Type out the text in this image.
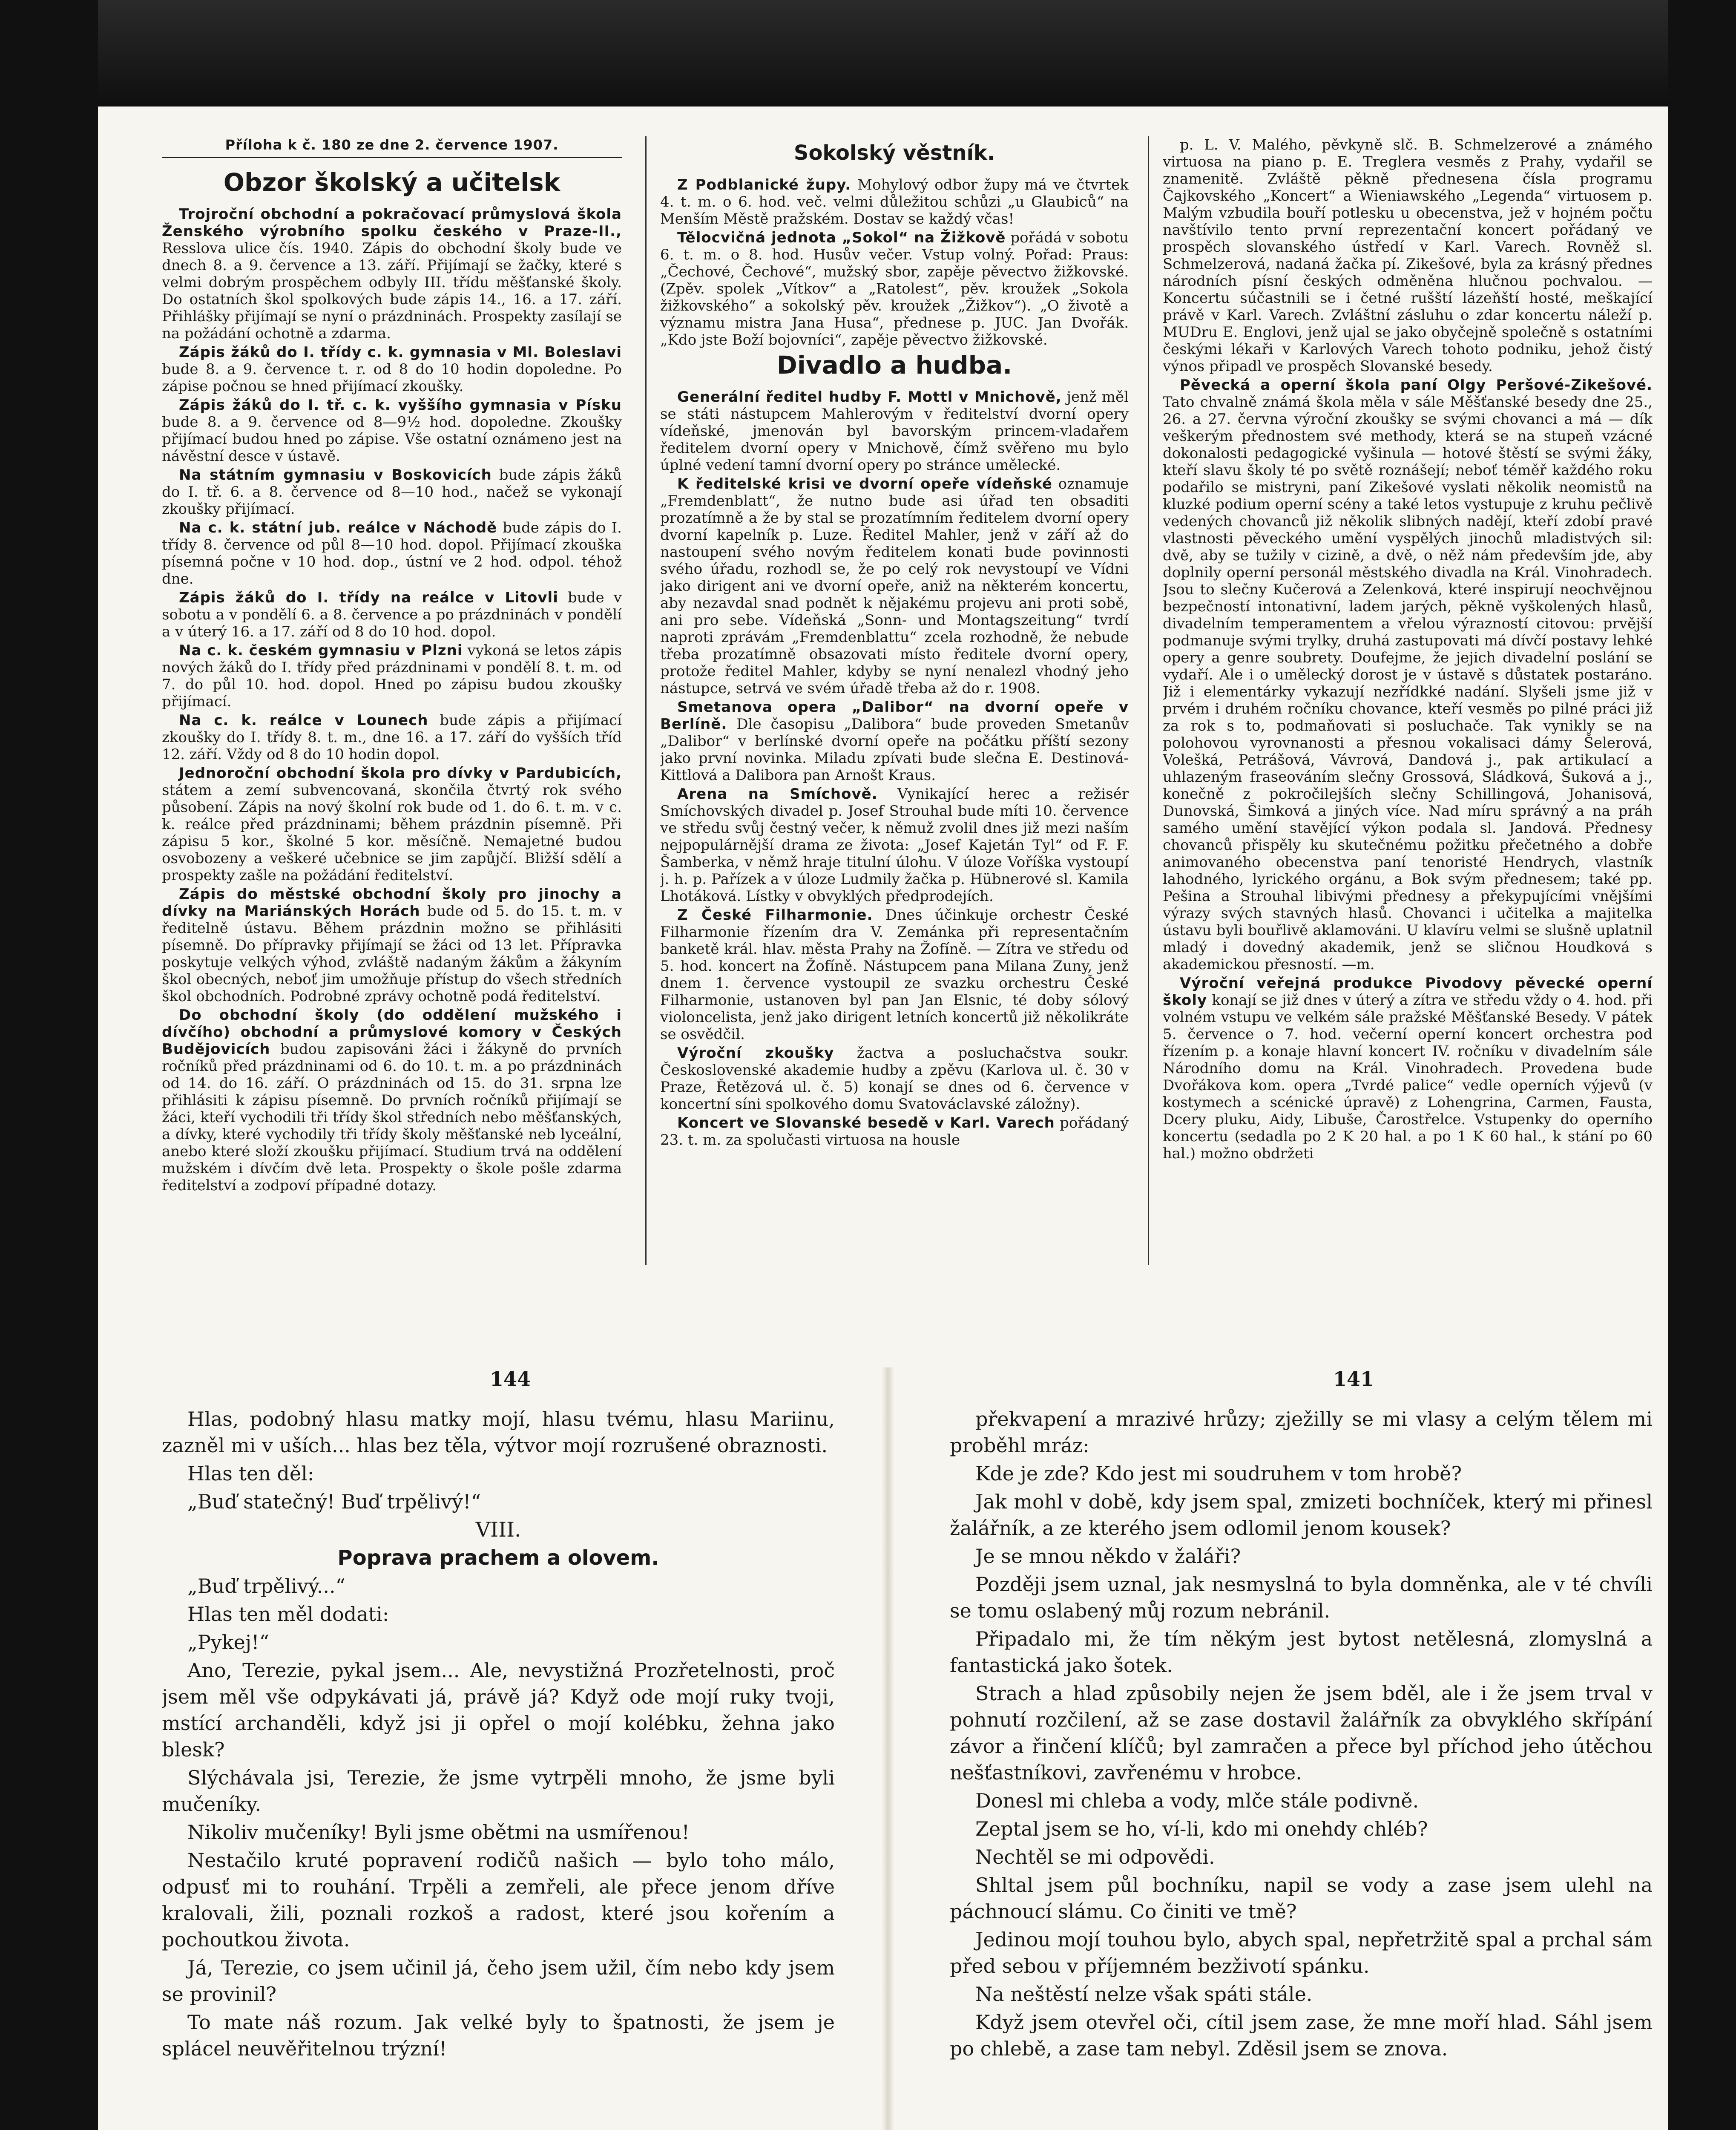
Příloha k č. 180 ze dne 2. července 1907.
Obzor školský a učitelsk

Trojroční obchodní a pokračovací průmyslová škola Ženského výrobního spolku českého v Praze-II., Resslova ulice čís. 1940. Zápis do obchodní školy bude ve dnech 8. a 9. července a 13. září. Přijímají se žačky, které s velmi dobrým prospěchem odbyly III. třídu měšťanské školy. Do ostatních škol spolkových bude zápis 14., 16. a 17. září. Přihlášky přijímají se nyní o prázdninách. Prospekty zasílají se na požádání ochotně a zdarma.

Zápis žáků do I. třídy c. k. gymnasia v Ml. Boleslavi bude 8. a 9. července t. r. od 8 do 10 hodin dopoledne. Po zápise počnou se hned přijímací zkoušky.

Zápis žáků do I. tř. c. k. vyššího gymnasia v Písku bude 8. a 9. července od 8—9½ hod. dopoledne. Zkoušky přijímací budou hned po zápise. Vše ostatní oznámeno jest na návěstní desce v ústavě.

Na státním gymnasiu v Boskovicích bude zápis žáků do I. tř. 6. a 8. července od 8—10 hod., načež se vykonají zkoušky přijímací.

Na c. k. státní jub. reálce v Náchodě bude zápis do I. třídy 8. července od půl 8—10 hod. dopol. Přijímací zkouška písemná počne v 10 hod. dop., ústní ve 2 hod. odpol. téhož dne.

Zápis žáků do I. třídy na reálce v Litovli bude v sobotu a v pondělí 6. a 8. července a po prázdninách v pondělí a v úterý 16. a 17. září od 8 do 10 hod. dopol.

Na c. k. českém gymnasiu v Plzni vykoná se letos zápis nových žáků do I. třídy před prázdninami v pondělí 8. t. m. od 7. do půl 10. hod. dopol. Hned po zápisu budou zkoušky přijímací.

Na c. k. reálce v Lounech bude zápis a přijímací zkoušky do I. třídy 8. t. m., dne 16. a 17. září do vyšších tříd 12. září. Vždy od 8 do 10 hodin dopol.

Jednoroční obchodní škola pro dívky v Pardubicích, státem a zemí subvencovaná, skončila čtvrtý rok svého působení. Zápis na nový školní rok bude od 1. do 6. t. m. v c. k. reálce před prázdninami; během prázdnin písemně. Při zápisu 5 kor., školné 5 kor. měsíčně. Nemajetné budou osvobozeny a veškeré učebnice se jim zapůjčí. Bližší sdělí a prospekty zašle na požádání ředitelství.

Zápis do městské obchodní školy pro jinochy a dívky na Mariánských Horách bude od 5. do 15. t. m. v ředitelně ústavu. Během prázdnin možno se přihlásiti písemně. Do přípravky přijímají se žáci od 13 let. Přípravka poskytuje velkých výhod, zvláště nadaným žákům a žákyním škol obecných, neboť jim umožňuje přístup do všech středních škol obchodních. Podrobné zprávy ochotně podá ředitelství.

Do obchodní školy (do oddělení mužského i dívčího) obchodní a průmyslové komory v Českých Budějovicích budou zapisováni žáci i žákyně do prvních ročníků před prázdninami od 6. do 10. t. m. a po prázdninách od 14. do 16. září. O prázdninách od 15. do 31. srpna lze přihlásiti k zápisu písemně. Do prvních ročníků přijímají se žáci, kteří vychodili tři třídy škol středních nebo měšťanských, a dívky, které vychodily tři třídy školy měšťanské neb lyceální, anebo které složí zkoušku přijímací. Studium trvá na oddělení mužském i dívčím dvě leta. Prospekty o škole pošle zdarma ředitelství a zodpoví případné dotazy.

Sokolský věstník.

Z Podblanické župy. Mohylový odbor župy má ve čtvrtek 4. t. m. o 6. hod. več. velmi důležitou schůzi „u Glaubiců“ na Menším Městě pražském. Dostav se každý včas!

Tělocvičná jednota „Sokol“ na Žižkově pořádá v sobotu 6. t. m. o 8. hod. Husův večer. Vstup volný. Pořad: Praus: „Čechové, Čechové“, mužský sbor, zapěje pěvectvo žižkovské. (Zpěv. spolek „Vítkov“ a „Ratolest“, pěv. kroužek „Sokola žižkovského“ a sokolský pěv. kroužek „Žižkov“). „O životě a významu mistra Jana Husa“, přednese p. JUC. Jan Dvořák. „Kdo jste Boží bojovníci“, zapěje pěvectvo žižkovské.

Divadlo a hudba.

Generální ředitel hudby F. Mottl v Mnichově, jenž měl se státi nástupcem Mahlerovým v ředitelství dvorní opery vídeňské, jmenován byl bavorským princem-vladařem ředitelem dvorní opery v Mnichově, čímž svěřeno mu bylo úplné vedení tamní dvorní opery po stránce umělecké.

K ředitelské krisi ve dvorní opeře vídeňské oznamuje „Fremdenblatt“, že nutno bude asi úřad ten obsaditi prozatímně a že by stal se prozatímním ředitelem dvorní opery dvorní kapelník p. Luze. Ředitel Mahler, jenž v září až do nastoupení svého novým ředitelem konati bude povinnosti svého úřadu, rozhodl se, že po celý rok nevystoupí ve Vídni jako dirigent ani ve dvorní opeře, aniž na některém koncertu, aby nezavdal snad podnět k nějakému projevu ani proti sobě, ani pro sebe. Vídeňská „Sonn- und Montagszeitung“ tvrdí naproti zprávám „Fremdenblattu“ zcela rozhodně, že nebude třeba prozatímně obsazovati místo ředitele dvorní opery, protože ředitel Mahler, kdyby se nyní nenalezl vhodný jeho nástupce, setrvá ve svém úřadě třeba až do r. 1908.

Smetanova opera „Dalibor“ na dvorní opeře v Berlíně. Dle časopisu „Dalibora“ bude proveden Smetanův „Dalibor“ v berlínské dvorní opeře na počátku příští sezony jako první novinka. Miladu zpívati bude slečna E. Destinová-Kittlová a Dalibora pan Arnošt Kraus.

Arena na Smíchově. Vynikající herec a režisér Smíchovských divadel p. Josef Strouhal bude míti 10. července ve středu svůj čestný večer, k němuž zvolil dnes již mezi naším nejpopulárnější drama ze života: „Josef Kajetán Tyl“ od F. F. Šamberka, v němž hraje titulní úlohu. V úloze Voříška vystoupí j. h. p. Pařízek a v úloze Ludmily žačka p. Hübnerové sl. Kamila Lhotáková. Lístky v obvyklých předprodejích.

Z České Filharmonie. Dnes účinkuje orchestr České Filharmonie řízením dra V. Zemánka při representačním banketě král. hlav. města Prahy na Žofíně. — Zítra ve středu od 5. hod. koncert na Žofíně. Nástupcem pana Milana Zuny, jenž dnem 1. července vystoupil ze svazku orchestru České Filharmonie, ustanoven byl pan Jan Elsnic, té doby sólový violoncelista, jenž jako dirigent letních koncertů již několikráte se osvědčil.

Výroční zkoušky žactva a posluchačstva soukr. Československé akademie hudby a zpěvu (Karlova ul. č. 30 v Praze, Řetězová ul. č. 5) konají se dnes od 6. července v koncertní síni spolkového domu Svatováclavské záložny).

Koncert ve Slovanské besedě v Karl. Varech pořádaný 23. t. m. za spolučasti virtuosa na housle

p. L. V. Malého, pěvkyně slč. B. Schmelzerové a známého virtuosa na piano p. E. Treglera vesměs z Prahy, vydařil se znamenitě. Zvláště pěkně přednesena čísla programu Čajkovského „Koncert“ a Wieniawského „Legenda“ virtuosem p. Malým vzbudila bouří potlesku u obecenstva, jež v hojném počtu navštívilo tento první reprezentační koncert pořádaný ve prospěch slovanského ústředí v Karl. Varech. Rovněž sl. Schmelzerová, nadaná žačka pí. Zikešové, byla za krásný přednes národních písní českých odměněna hlučnou pochvalou. — Koncertu súčastnili se i četné rušští lázeňští hosté, meškající právě v Karl. Varech. Zvláštní zásluhu o zdar koncertu náleží p. MUDru E. Englovi, jenž ujal se jako obyčejně společně s ostatními českými lékaři v Karlových Varech tohoto podniku, jehož čistý výnos připadl ve prospěch Slovanské besedy.

Pěvecká a operní škola paní Olgy Peršové-Zikešové. Tato chvalně známá škola měla v sále Měšťanské besedy dne 25., 26. a 27. června výroční zkoušky se svými chovanci a má — dík veškerým přednostem své methody, která se na stupeň vzácné dokonalosti pedagogické vyšinula — hotové štěstí se svými žáky, kteří slavu školy té po světě roznášejí; neboť téměř každého roku podařilo se mistryni, paní Zikešové vyslati několik neomistů na kluzké podium operní scény a také letos vystupuje z kruhu pečlivě vedených chovanců již několik slibných nadějí, kteří zdobí pravé vlastnosti pěveckého umění vyspělých jinochů mladistvých sil: dvě, aby se tužily v cizině, a dvě, o něž nám především jde, aby doplnily operní personál městského divadla na Král. Vinohradech. Jsou to slečny Kučerová a Zelenková, které inspirují neochvějnou bezpečností intonativní, ladem jarých, pěkně vyškolených hlasů, divadelním temperamentem a vřelou výrazností citovou: prvější podmanuje svými trylky, druhá zastupovati má dívčí postavy lehké opery a genre soubrety. Doufejme, že jejich divadelní poslání se vydaří. Ale i o umělecký dorost je v ústavě s důstatek postaráno. Již i elementárky vykazují nezřídkké nadání. Slyšeli jsme již v prvém i druhém ročníku chovance, kteří vesměs po pilné práci již za rok s to, podmaňovati si posluchače. Tak vynikly se na polohovou vyrovnanosti a přesnou vokalisaci dámy Šelerová, Volešká, Petrášová, Vávrová, Dandová j., pak artikulací a uhlazeným fraseováním slečny Grossová, Sládková, Šuková a j., konečně z pokročilejších slečny Schillingová, Johanisová, Dunovská, Šimková a jiných více. Nad míru správný a na práh samého umění stavějící výkon podala sl. Jandová. Přednesy chovanců přispěly ku skutečnému požitku přečetného a dobře animovaného obecenstva paní tenoristé Hendrych, vlastník lahodného, lyrického orgánu, a Bok svým přednesem; také pp. Pešina a Strouhal libivými přednesy a překypujícími vnějšími výrazy svých stavných hlasů. Chovanci i učitelka a majitelka ústavu byli bouřlivě aklamováni. U klavíru velmi se slušně uplatnil mladý i dovedný akademik, jenž se sličnou Houdková s akademickou přesností. —m.

Výroční veřejná produkce Pivodovy pěvecké operní školy konají se již dnes v úterý a zítra ve středu vždy o 4. hod. při volném vstupu ve velkém sále pražské Měšťanské Besedy. V pátek 5. července o 7. hod. večerní operní koncert orchestra pod řízením p. a konaje hlavní koncert IV. ročníku v divadelním sále Národního domu na Král. Vinohradech. Provedena bude Dvořákova kom. opera „Tvrdé palice“ vedle operních výjevů (v kostymech a scénické úpravě) z Lohengrina, Carmen, Fausta, Dcery pluku, Aidy, Libuše, Čarostřelce. Vstupenky do operního koncertu (sedadla po 2 K 20 hal. a po 1 K 60 hal., k stání po 60 hal.) možno obdržeti

144	141

Hlas, podobný hlasu matky mojí, hlasu tvému, hlasu Mariinu, zazněl mi v uších... hlas bez těla, výtvor mojí rozrušené obraznosti.

Hlas ten děl:

„Buď statečný! Buď trpělivý!“

VIII.

Poprava prachem a olovem.

„Buď trpělivý...“

Hlas ten měl dodati:

„Pykej!“

Ano, Terezie, pykal jsem... Ale, nevystižná Prozřetelnosti, proč jsem měl vše odpykávati já, právě já? Když ode mojí ruky tvoji, mstící archanděli, když jsi ji opřel o mojí kolébku, žehna jako blesk?

Slýchávala jsi, Terezie, že jsme vytrpěli mnoho, že jsme byli mučeníky.

Nikoliv mučeníky! Byli jsme obětmi na usmířenou!

Nestačilo kruté popravení rodičů našich — bylo toho málo, odpusť mi to rouhání. Trpěli a zemřeli, ale přece jenom dříve kralovali, žili, poznali rozkoš a radost, které jsou kořením a pochoutkou života.

Já, Terezie, co jsem učinil já, čeho jsem užil, čím nebo kdy jsem se provinil?

To mate náš rozum. Jak velké byly to špatnosti, že jsem je splácel neuvěřitelnou trýzní!

překvapení a mrazivé hrůzy; zježilly se mi vlasy a celým tělem mi proběhl mráz:

Kde je zde? Kdo jest mi soudruhem v tom hrobě?

Jak mohl v době, kdy jsem spal, zmizeti bochníček, který mi přinesl žalářník, a ze kterého jsem odlomil jenom kousek?

Je se mnou někdo v žaláři?

Později jsem uznal, jak nesmyslná to byla domněnka, ale v té chvíli se tomu oslabený můj rozum nebránil.

Připadalo mi, že tím někým jest bytost netělesná, zlomyslná a fantastická jako šotek.

Strach a hlad způsobily nejen že jsem bděl, ale i že jsem trval v pohnutí rozčilení, až se zase dostavil žalářník za obvyklého skřípání závor a řinčení klíčů; byl zamračen a přece byl příchod jeho útěchou nešťastníkovi, zavřenému v hrobce.

Donesl mi chleba a vody, mlče stále podivně.

Zeptal jsem se ho, ví-li, kdo mi onehdy chléb?

Nechtěl se mi odpovědi.

Shltal jsem půl bochníku, napil se vody a zase jsem ulehl na páchnoucí slámu. Co činiti ve tmě?

Jedinou mojí touhou bylo, abych spal, nepřetržitě spal a prchal sám před sebou v příjemném bezživotí spánku.

Na neštěstí nelze však spáti stále.

Když jsem otevřel oči, cítil jsem zase, že mne moří hlad. Sáhl jsem po chlebě, a zase tam nebyl. Zděsil jsem se znova.
